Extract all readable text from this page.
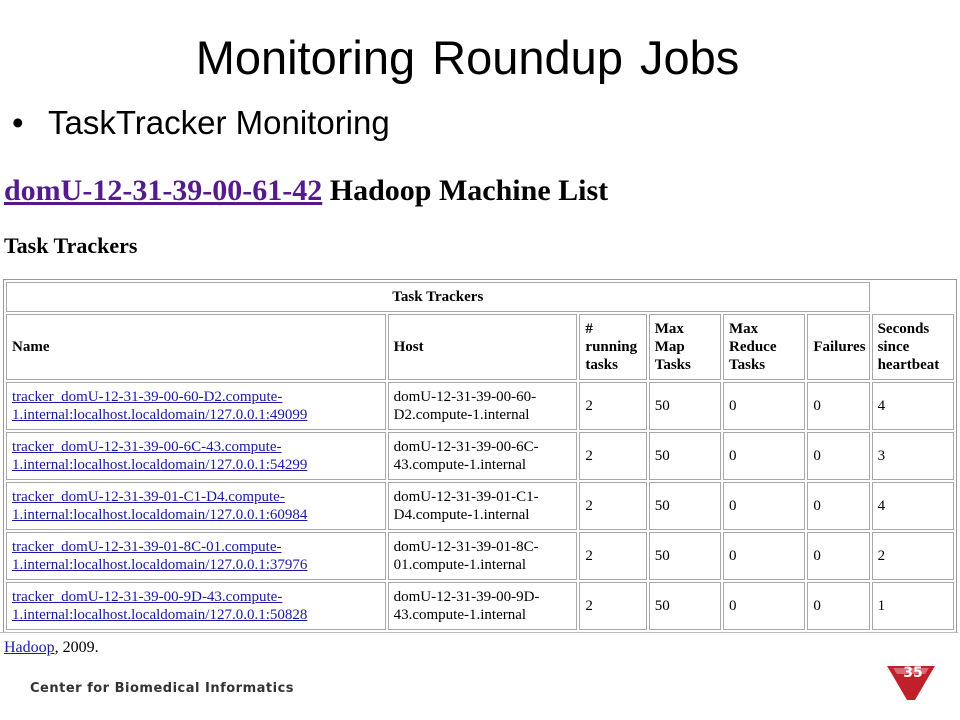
Monitoring Roundup Jobs
• TaskTracker Monitoring
domU-12-31-39-00-61-42 Hadoop Machine List
Task Trackers
Task Trackers						
Name	Host	# running tasks	Max Map Tasks	Max Reduce Tasks	Failures	Seconds since heartbeat
tracker_domU-12-31-39-00-60-D2.compute-1.internal:localhost.localdomain/127.0.0.1:49099	domU-12-31-39-00-60-D2.compute-1.internal	2	50	0	0	4
tracker_domU-12-31-39-00-6C-43.compute-1.internal:localhost.localdomain/127.0.0.1:54299	domU-12-31-39-00-6C-43.compute-1.internal	2	50	0	0	3
tracker_domU-12-31-39-01-C1-D4.compute-1.internal:localhost.localdomain/127.0.0.1:60984	domU-12-31-39-01-C1-D4.compute-1.internal	2	50	0	0	4
tracker_domU-12-31-39-01-8C-01.compute-1.internal:localhost.localdomain/127.0.0.1:37976	domU-12-31-39-01-8C-01.compute-1.internal	2	50	0	0	2
tracker_domU-12-31-39-00-9D-43.compute-1.internal:localhost.localdomain/127.0.0.1:50828	domU-12-31-39-00-9D-43.compute-1.internal	2	50	0	0	1
Hadoop, 2009.
Center for Biomedical Informatics
35
